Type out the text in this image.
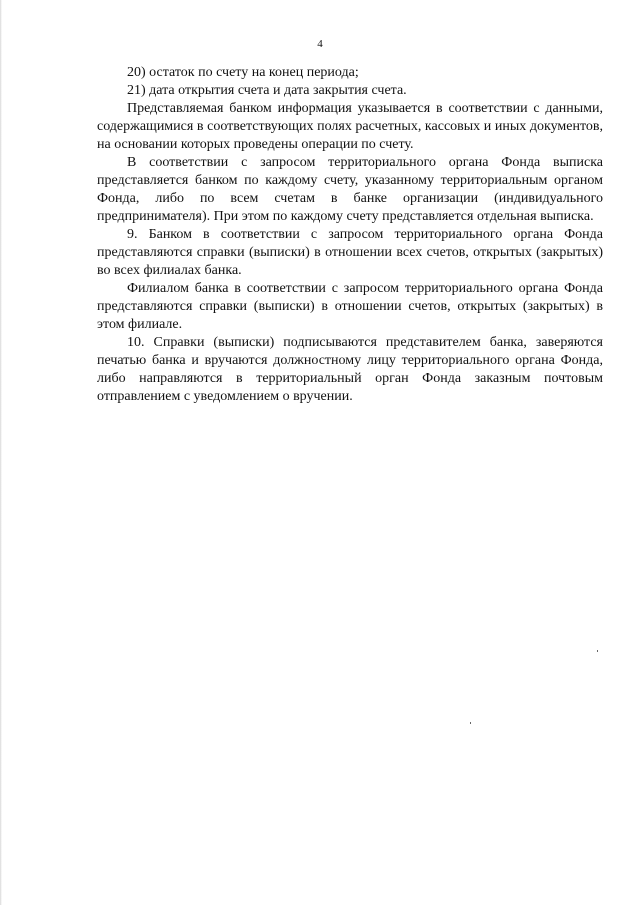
4

20) остаток по счету на конец периода;

21) дата открытия счета и дата закрытия счета.

Представляемая банком информация указывается в соответствии с данными, содержащимися в соответствующих полях расчетных, кассовых и иных документов, на основании которых проведены операции по счету.

В соответствии с запросом территориального органа Фонда выписка представляется банком по каждому счету, указанному территориальным органом Фонда, либо по всем счетам в банке организации (индивидуального предпринимателя). При этом по каждому счету представляется отдельная выписка.

9. Банком в соответствии с запросом территориального органа Фонда представляются справки (выписки) в отношении всех счетов, открытых (закрытых) во всех филиалах банка.

Филиалом банка в соответствии с запросом территориального органа Фонда представляются справки (выписки) в отношении счетов, открытых (закрытых) в этом филиале.

10. Справки (выписки) подписываются представителем банка, заверяются печатью банка и вручаются должностному лицу территориального органа Фонда, либо направляются в территориальный орган Фонда заказным почтовым отправлением с уведомлением о вручении.
